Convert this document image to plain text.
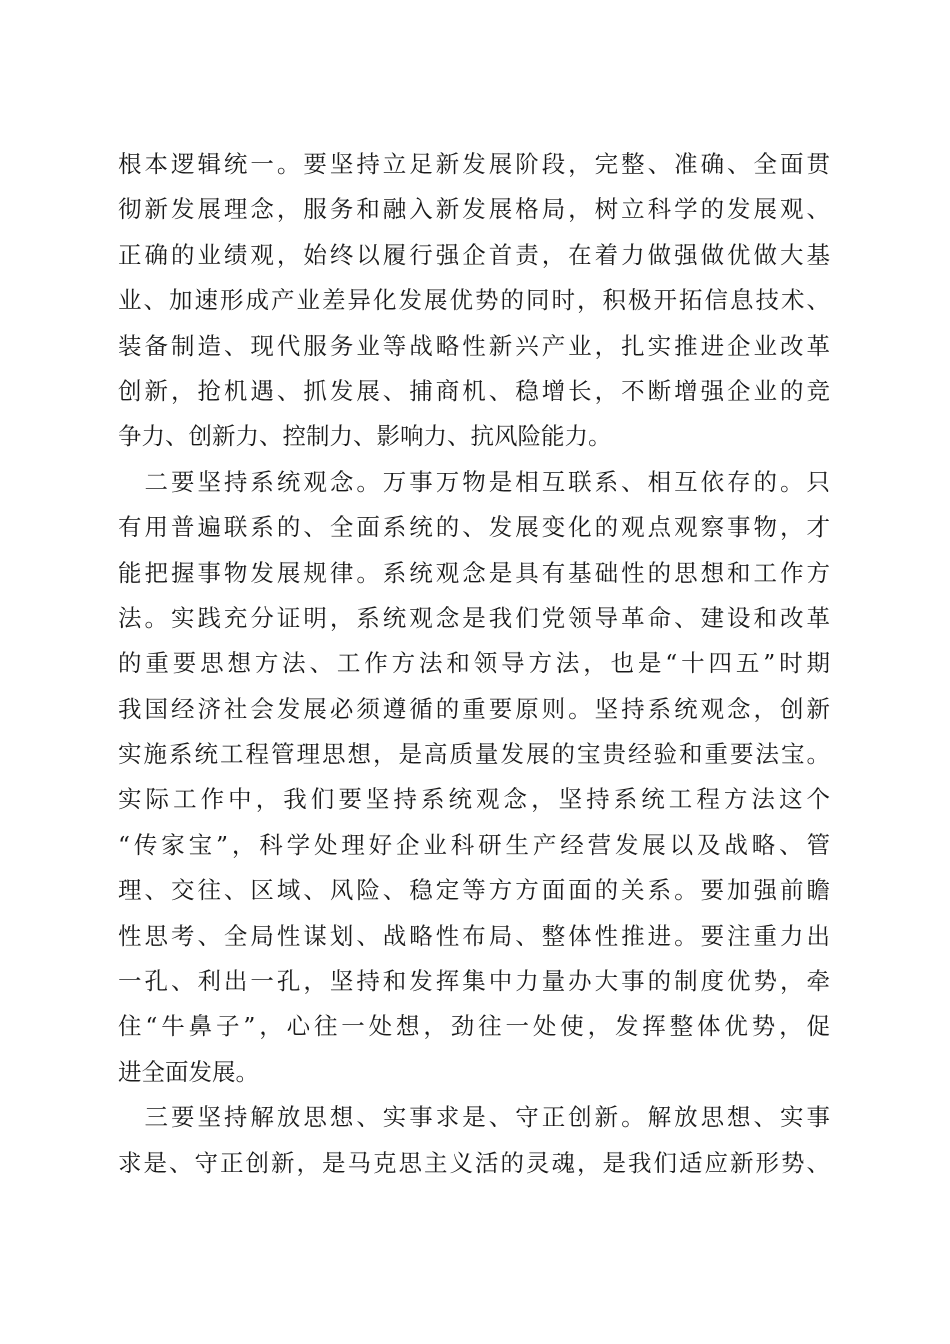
根本逻辑统一。要坚持立足新发展阶段，完整、准确、全面贯
彻新发展理念，服务和融入新发展格局，树立科学的发展观、
正确的业绩观，始终以履行强企首责，在着力做强做优做大基
业、加速形成产业差异化发展优势的同时，积极开拓信息技术、
装备制造、现代服务业等战略性新兴产业，扎实推进企业改革
创新，抢机遇、抓发展、捕商机、稳增长，不断增强企业的竞
争力、创新力、控制力、影响力、抗风险能力。
　二要坚持系统观念。万事万物是相互联系、相互依存的。只
有用普遍联系的、全面系统的、发展变化的观点观察事物，才
能把握事物发展规律。系统观念是具有基础性的思想和工作方
法。实践充分证明，系统观念是我们党领导革命、建设和改革
的重要思想方法、工作方法和领导方法，也是“十四五”时期
我国经济社会发展必须遵循的重要原则。坚持系统观念，创新
实施系统工程管理思想，是高质量发展的宝贵经验和重要法宝。
实际工作中，我们要坚持系统观念，坚持系统工程方法这个
“传家宝”，科学处理好企业科研生产经营发展以及战略、管
理、交往、区域、风险、稳定等方方面面的关系。要加强前瞻
性思考、全局性谋划、战略性布局、整体性推进。要注重力出
一孔、利出一孔，坚持和发挥集中力量办大事的制度优势，牵
住“牛鼻子”，心往一处想，劲往一处使，发挥整体优势，促
进全面发展。
　三要坚持解放思想、实事求是、守正创新。解放思想、实事
求是、守正创新，是马克思主义活的灵魂，是我们适应新形势、
